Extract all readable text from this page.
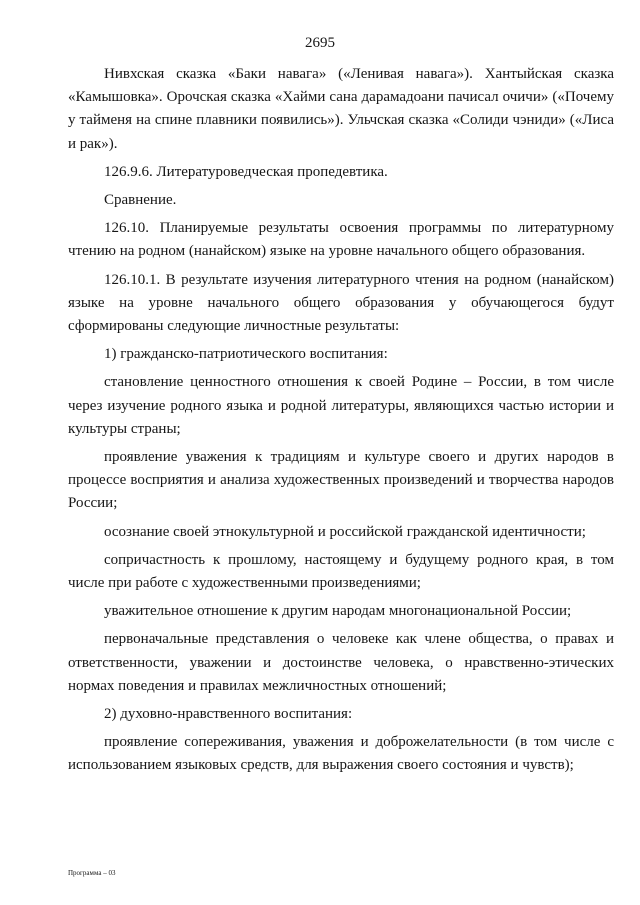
2695

Нивхская сказка «Баки навага» («Ленивая навага»). Хантыйская сказка «Камышовка». Орочская сказка «Хайми сана дарамадоани пачисал очичи» («Почему у тайменя на спине плавники появились»). Ульчская сказка «Солиди чэниди» («Лиса и рак»).

126.9.6. Литературоведческая пропедевтика.

Сравнение.

126.10. Планируемые результаты освоения программы по литературному чтению на родном (нанайском) языке на уровне начального общего образования.

126.10.1. В результате изучения литературного чтения на родном (нанайском) языке на уровне начального общего образования у обучающегося будут сформированы следующие личностные результаты:

1) гражданско-патриотического воспитания:

становление ценностного отношения к своей Родине – России, в том числе через изучение родного языка и родной литературы, являющихся частью истории и культуры страны;

проявление уважения к традициям и культуре своего и других народов в процессе восприятия и анализа художественных произведений и творчества народов России;

осознание своей этнокультурной и российской гражданской идентичности;

сопричастность к прошлому, настоящему и будущему родного края, в том числе при работе с художественными произведениями;

уважительное отношение к другим народам многонациональной России;

первоначальные представления о человеке как члене общества, о правах и ответственности, уважении и достоинстве человека, о нравственно-этических нормах поведения и правилах межличностных отношений;

2) духовно-нравственного воспитания:

проявление сопереживания, уважения и доброжелательности (в том числе с использованием языковых средств, для выражения своего состояния и чувств);

Программа – 03
